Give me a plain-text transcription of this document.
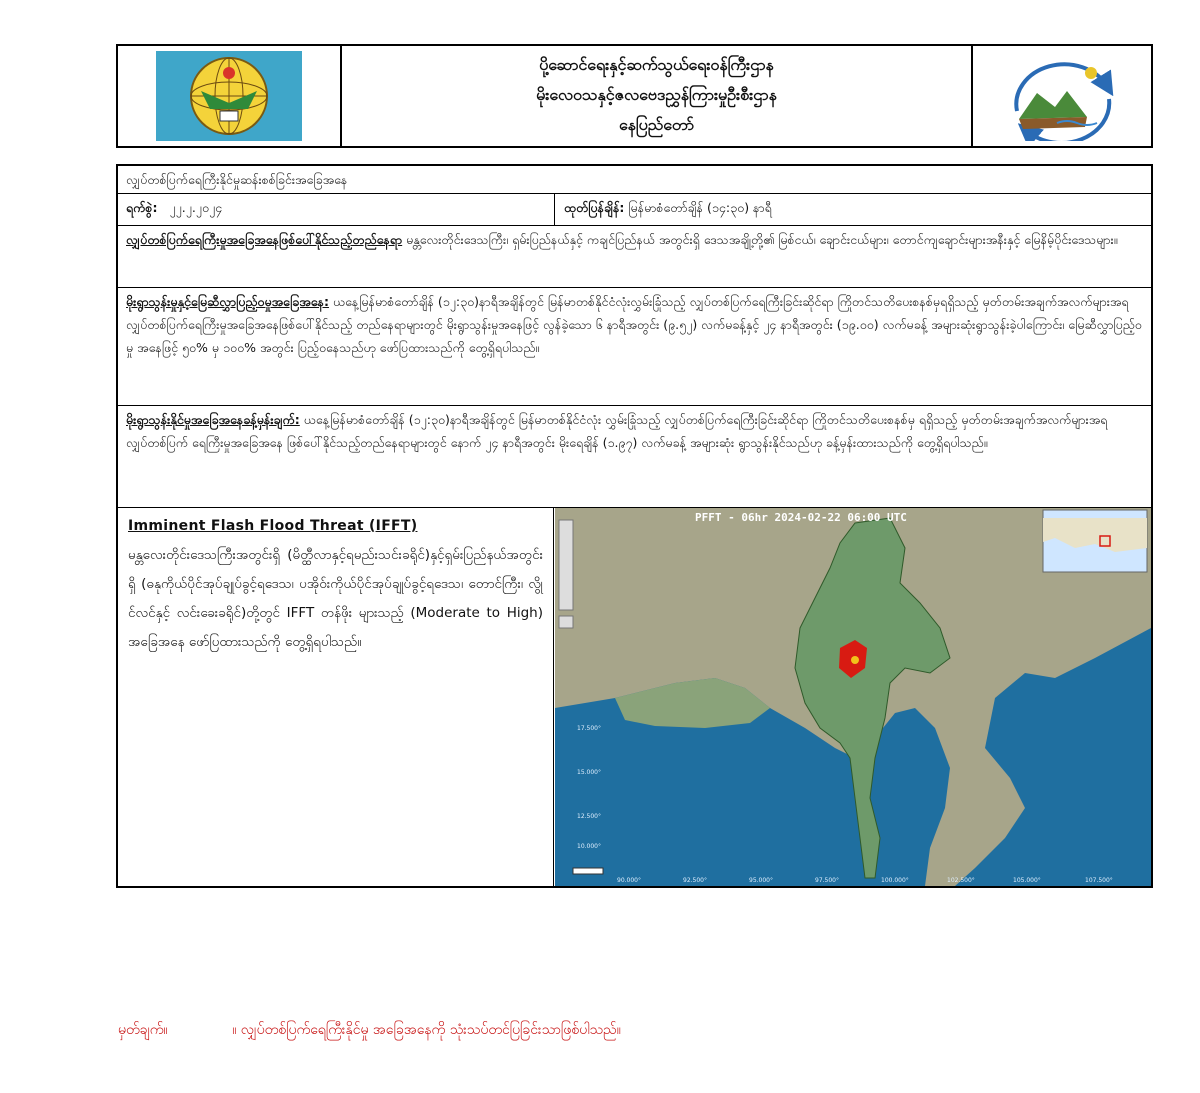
ပို့ဆောင်ရေးနှင့်ဆက်သွယ်ရေးဝန်ကြီးဌာန
မိုးလေဝသနှင့်ဇလဗေဒညွှန်ကြားမှုဦးစီးဌာန
နေပြည်တော်
လျှပ်တစ်ပြက်ရေကြီးနိုင်မှုဆန်းစစ်ခြင်းအခြေအနေ
ရက်စွဲ: ၂၂.၂.၂၀၂၄	ထုတ်ပြန်ချိန်: မြန်မာစံတော်ချိန် (၁၄:၃၀) နာရီ
လျှပ်တစ်ပြက်ရေကြီးမှုအခြေအနေဖြစ်ပေါ်နိုင်သည့်တည်နေရာ မန္တလေးတိုင်းဒေသကြီး၊ ရှမ်းပြည်နယ်နှင့် ကချင်ပြည်နယ် အတွင်းရှိ ဒေသအချို့တို့၏ မြစ်ငယ်၊ ချောင်းငယ်များ၊ တောင်ကျချောင်းများအနီးနှင့် မြေနိမ့်ပိုင်းဒေသများ။
မိုးရွာသွန်းမှုနှင့်မြေဆီလွှာပြည့်ဝမှုအခြေအနေ: ယနေ့မြန်မာစံတော်ချိန် (၁၂:၃၀)နာရီအချိန်တွင် မြန်မာတစ်နိုင်ငံလုံးလွှမ်းခြုံသည့် လျှပ်တစ်ပြက်ရေကြီးခြင်းဆိုင်ရာ ကြိုတင်သတိပေးစနစ်မှရရှိသည့် မှတ်တမ်းအချက်အလက်များအရ လျှပ်တစ်ပြက်ရေကြီးမှုအခြေအနေဖြစ်ပေါ်နိုင်သည့် တည်နေရာများတွင် မိုးရွာသွန်းမှုအနေဖြင့် လွန်ခဲ့သော ၆ နာရီအတွင်း (၉.၅၂) လက်မခန့်နှင့် ၂၄ နာရီအတွင်း (၁၉.၀၀) လက်မခန့် အများဆုံးရွာသွန်းခဲ့ပါကြောင်း၊ မြေဆီလွှာပြည့်ဝမှု အနေဖြင့် ၅၀% မှ ၁၀၀% အတွင်း ပြည့်ဝနေသည်ဟု ဖော်ပြထားသည်ကို တွေ့ရှိရပါသည်။
မိုးရွာသွန်းနိုင်မှုအခြေအနေခန့်မှန်းချက်: ယနေ့မြန်မာစံတော်ချိန် (၁၂:၃၀)နာရီအချိန်တွင် မြန်မာတစ်နိုင်ငံလုံး လွှမ်းခြုံသည့် လျှပ်တစ်ပြက်ရေကြီးခြင်းဆိုင်ရာ ကြိုတင်သတိပေးစနစ်မှ ရရှိသည့် မှတ်တမ်းအချက်အလက်များအရ လျှပ်တစ်ပြက် ရေကြီးမှုအခြေအနေ ဖြစ်ပေါ်နိုင်သည့်တည်နေရာများတွင် နောက် ၂၄ နာရီအတွင်း မိုးရေချိန် (၁.၉၇) လက်မခန့် အများဆုံး ရွာသွန်းနိုင်သည်ဟု ခန့်မှန်းထားသည်ကို တွေ့ရှိရပါသည်။
Imminent Flash Flood Threat (IFFT)
မန္တလေးတိုင်းဒေသကြီးအတွင်းရှိ (မိတ္ထီလာနှင့်ရမည်းသင်းခရိုင်)နှင့်ရှမ်းပြည်နယ်အတွင်းရှိ (ဓနုကိုယ်ပိုင်အုပ်ချုပ်ခွင့်ရဒေသ၊ ပအိုဝ်းကိုယ်ပိုင်အုပ်ချုပ်ခွင့်ရဒေသ၊ တောင်ကြီး၊ လွိုင်လင်နှင့် လင်းခေးခရိုင်)တို့တွင် IFFT တန်ဖိုး များသည့် (Moderate to High) အခြေအနေ ဖော်ပြထားသည်ကို တွေ့ရှိရပါသည်။
PFFT - 06hr 2024-02-22 06:00 UTC
17.500°
15.000°
12.500°
10.000°
90.000°	92.500°	95.000°	97.500°	100.000°	102.500°	105.000°	107.500°
မှတ်ချက်။	။ လျှပ်တစ်ပြက်ရေကြီးနိုင်မှု အခြေအနေကို သုံးသပ်တင်ပြခြင်းသာဖြစ်ပါသည်။
